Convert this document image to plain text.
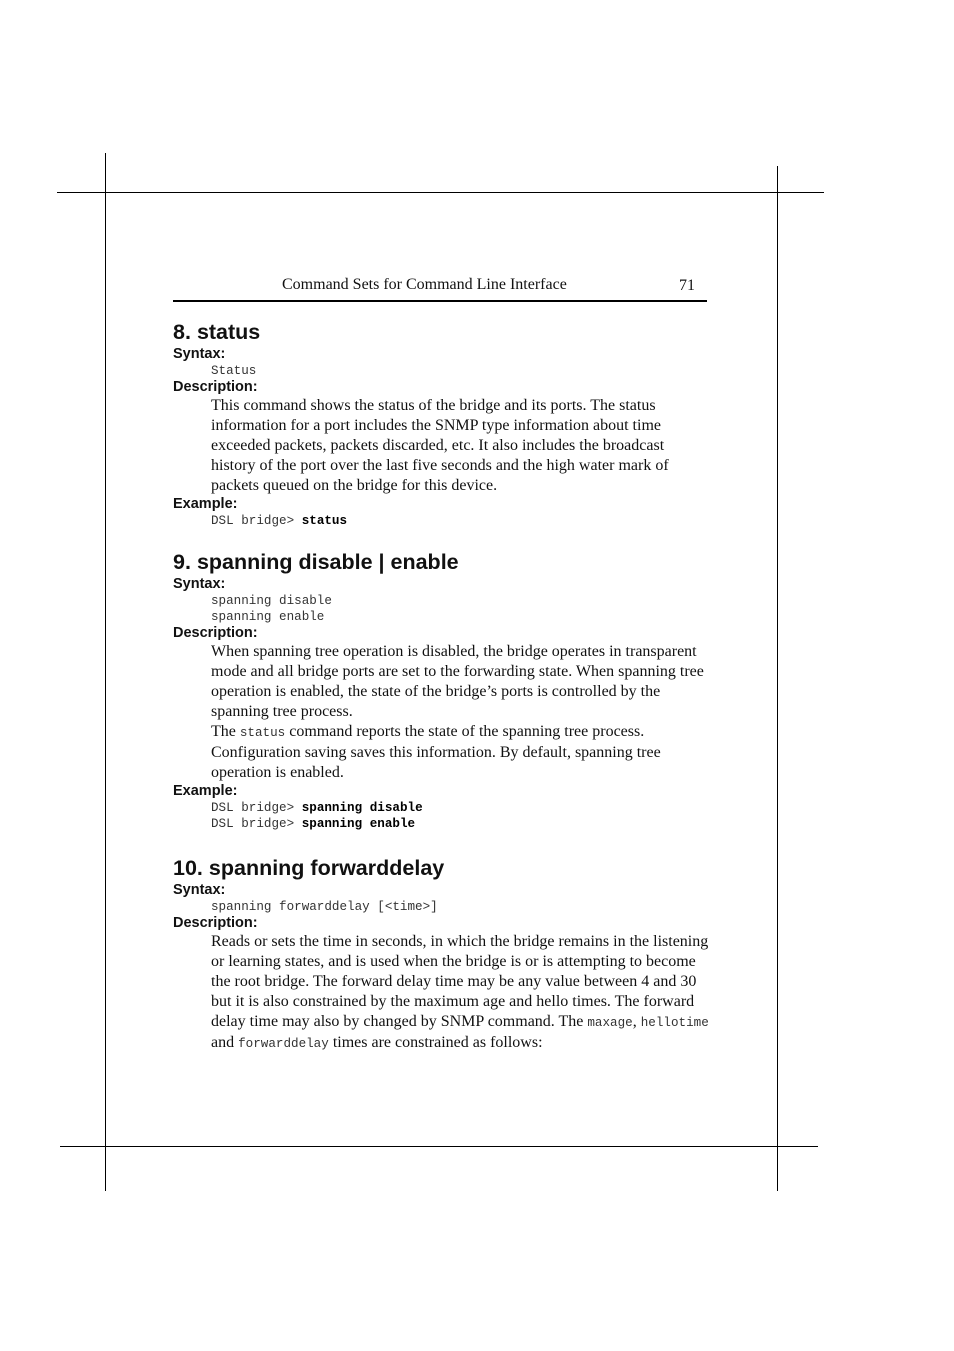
Command Sets for Command Line Interface	71
8. status
Syntax:
Status
Description:
This command shows the status of the bridge and its ports. The status information for a port includes the SNMP type information about time exceeded packets, packets discarded, etc. It also includes the broadcast history of the port over the last five seconds and the high water mark of packets queued on the bridge for this device.
Example:
DSL bridge> status
9. spanning disable | enable
Syntax:
spanning disable
spanning enable
Description:
When spanning tree operation is disabled, the bridge operates in transparent mode and all bridge ports are set to the forwarding state. When spanning tree operation is enabled, the state of the bridge’s ports is controlled by the spanning tree process.
The status command reports the state of the spanning tree process. Configuration saving saves this information. By default, spanning tree operation is enabled.
Example:
DSL bridge> spanning disable
DSL bridge> spanning enable
10. spanning forwarddelay
Syntax:
spanning forwarddelay [<time>]
Description:
Reads or sets the time in seconds, in which the bridge remains in the listening or learning states, and is used when the bridge is or is attempting to become the root bridge. The forward delay time may be any value between 4 and 30 but it is also constrained by the maximum age and hello times. The forward delay time may also by changed by SNMP command. The maxage, hellotime and forwarddelay times are constrained as follows:
